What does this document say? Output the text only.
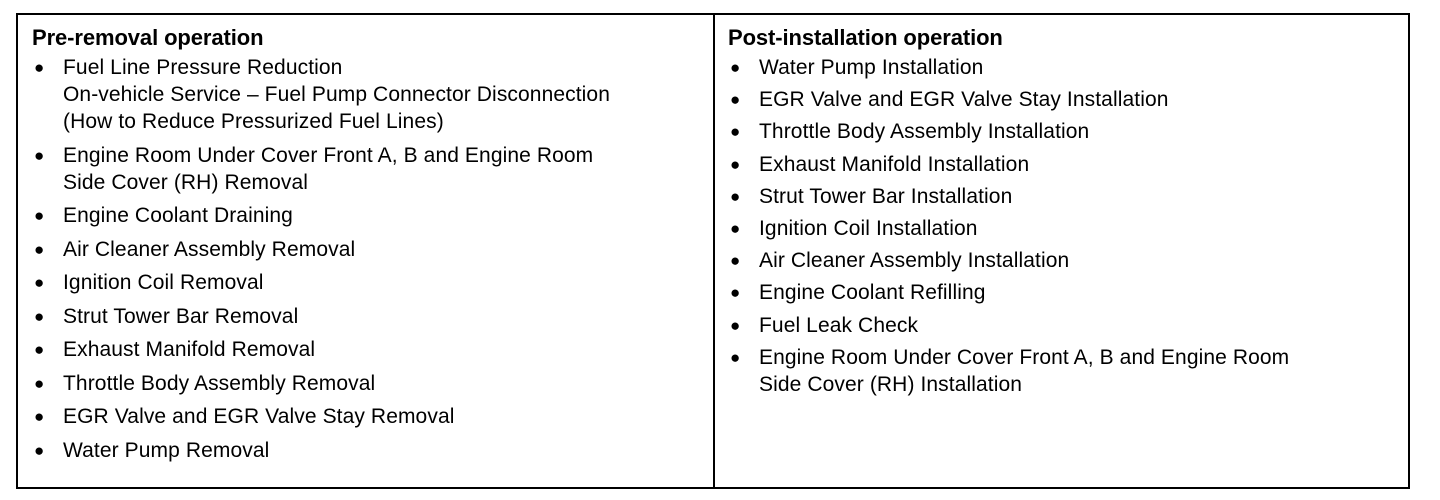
Pre-removal operation
● Fuel Line Pressure Reduction
On-vehicle Service – Fuel Pump Connector Disconnection
(How to Reduce Pressurized Fuel Lines)
● Engine Room Under Cover Front A, B and Engine Room
Side Cover (RH) Removal
● Engine Coolant Draining
● Air Cleaner Assembly Removal
● Ignition Coil Removal
● Strut Tower Bar Removal
● Exhaust Manifold Removal
● Throttle Body Assembly Removal
● EGR Valve and EGR Valve Stay Removal
● Water Pump Removal
Post-installation operation
● Water Pump Installation
● EGR Valve and EGR Valve Stay Installation
● Throttle Body Assembly Installation
● Exhaust Manifold Installation
● Strut Tower Bar Installation
● Ignition Coil Installation
● Air Cleaner Assembly Installation
● Engine Coolant Refilling
● Fuel Leak Check
● Engine Room Under Cover Front A, B and Engine Room
Side Cover (RH) Installation
